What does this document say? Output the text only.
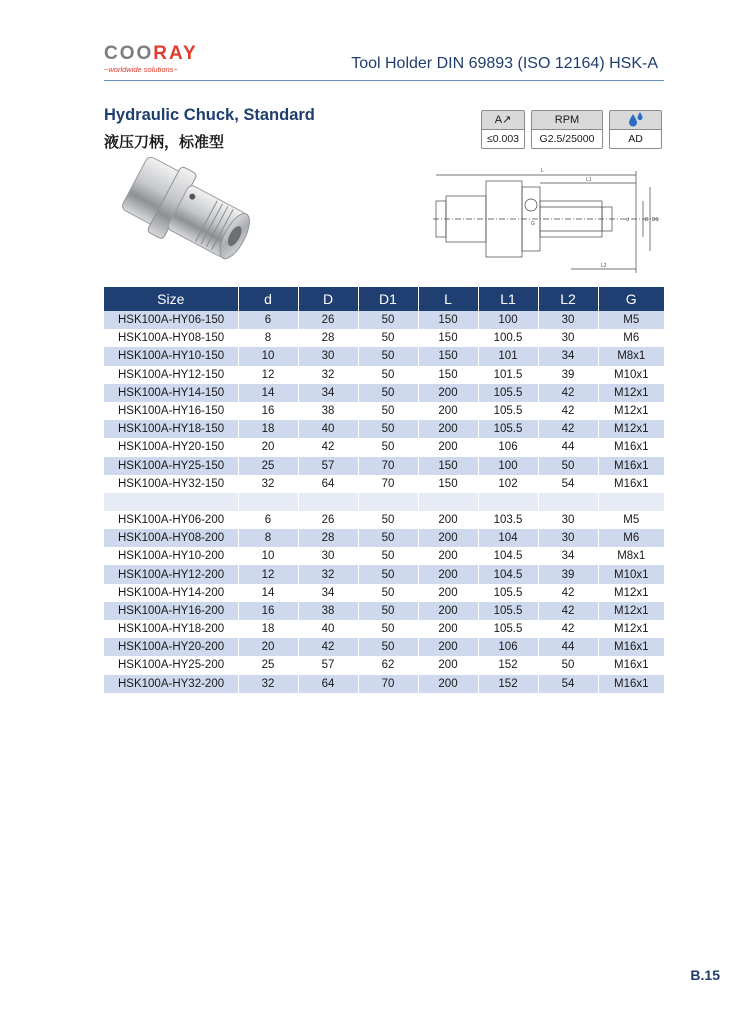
COORAY
~worldwide solutions~	Tool Holder DIN 69893 (ISO 12164) HSK-A
Hydraulic Chuck, Standard
液压刀柄，标准型
A↗
≤0.003
RPM
G2.5/25000	AD
L
L1
L2
D1
D
d
G
Size	d	D	D1	L	L1	L2	G
HSK100A-HY06-150	6	26	50	150	100	30	M5
HSK100A-HY08-150	8	28	50	150	100.5	30	M6
HSK100A-HY10-150	10	30	50	150	101	34	M8x1
HSK100A-HY12-150	12	32	50	150	101.5	39	M10x1
HSK100A-HY14-150	14	34	50	200	105.5	42	M12x1
HSK100A-HY16-150	16	38	50	200	105.5	42	M12x1
HSK100A-HY18-150	18	40	50	200	105.5	42	M12x1
HSK100A-HY20-150	20	42	50	200	106	44	M16x1
HSK100A-HY25-150	25	57	70	150	100	50	M16x1
HSK100A-HY32-150	32	64	70	150	102	54	M16x1

HSK100A-HY06-200	6	26	50	200	103.5	30	M5
HSK100A-HY08-200	8	28	50	200	104	30	M6
HSK100A-HY10-200	10	30	50	200	104.5	34	M8x1
HSK100A-HY12-200	12	32	50	200	104.5	39	M10x1
HSK100A-HY14-200	14	34	50	200	105.5	42	M12x1
HSK100A-HY16-200	16	38	50	200	105.5	42	M12x1
HSK100A-HY18-200	18	40	50	200	105.5	42	M12x1
HSK100A-HY20-200	20	42	50	200	106	44	M16x1
HSK100A-HY25-200	25	57	62	200	152	50	M16x1
HSK100A-HY32-200	32	64	70	200	152	54	M16x1
B.15
